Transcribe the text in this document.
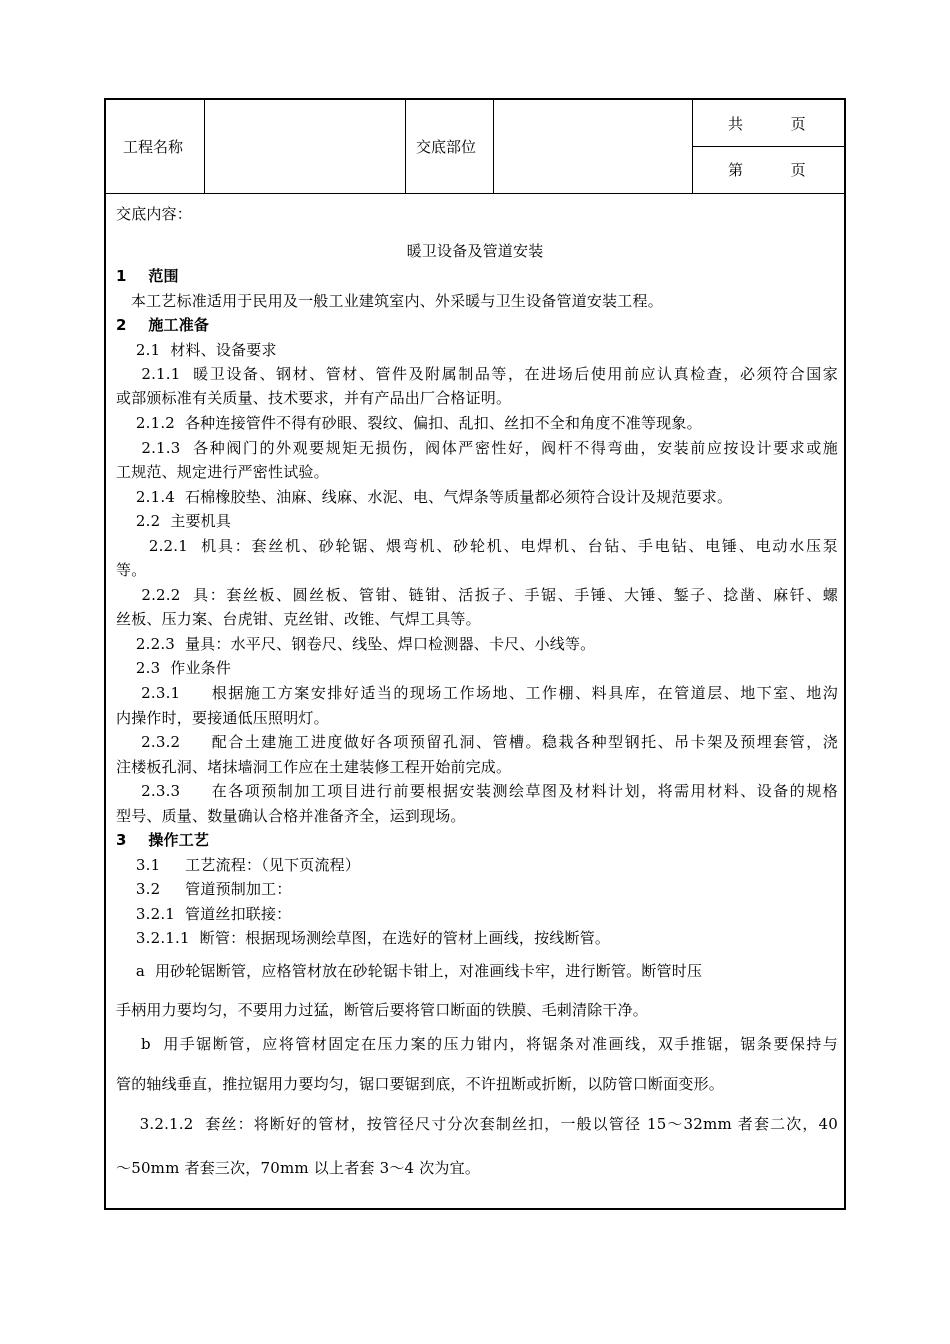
工程名称	交底部位
共          页
第          页
交底内容：
暖卫设备及管道安装
1    范围
本工艺标准适用于民用及一般工业建筑室内、外采暖与卫生设备管道安装工程。
2    施工准备
2.1  材料、设备要求
2.1.1  暖卫设备、钢材、管材、管件及附属制品等，在进场后使用前应认真检查，必须符合国家
或部颁标准有关质量、技术要求，并有产品出厂合格证明。
2.1.2  各种连接管件不得有砂眼、裂纹、偏扣、乱扣、丝扣不全和角度不准等现象。
2.1.3  各种阀门的外观要规矩无损伤，阀体严密性好，阀杆不得弯曲，安装前应按设计要求或施
工规范、规定进行严密性试验。
2.1.4  石棉橡胶垫、油麻、线麻、水泥、电、气焊条等质量都必须符合设计及规范要求。
2.2  主要机具
2.2.1  机具：套丝机、砂轮锯、煨弯机、砂轮机、电焊机、台钻、手电钻、电锤、电动水压泵
等。
2.2.2  具：套丝板、圆丝板、管钳、链钳、活扳子、手锯、手锤、大锤、錾子、捻凿、麻钎、螺
丝板、压力案、台虎钳、克丝钳、改锥、气焊工具等。
2.2.3  量具：水平尺、钢卷尺、线坠、焊口检测器、卡尺、小线等。
2.3  作业条件
2.3.1     根据施工方案安排好适当的现场工作场地、工作棚、料具库，在管道层、地下室、地沟
内操作时，要接通低压照明灯。
2.3.2     配合土建施工进度做好各项预留孔洞、管槽。稳栽各种型钢托、吊卡架及预埋套管，浇
注楼板孔洞、堵抹墙洞工作应在土建装修工程开始前完成。
2.3.3     在各项预制加工项目进行前要根据安装测绘草图及材料计划，将需用材料、设备的规格
型号、质量、数量确认合格并准备齐全，运到现场。
3    操作工艺
3.1     工艺流程：（见下页流程）
3.2     管道预制加工：
3.2.1  管道丝扣联接：
3.2.1.1  断管：根据现场测绘草图，在选好的管材上画线，按线断管。
a  用砂轮锯断管，应格管材放在砂轮锯卡钳上，对准画线卡牢，进行断管。断管时压
手柄用力要均匀，不要用力过猛，断管后要将管口断面的铁膜、毛刺清除干净。
b  用手锯断管，应将管材固定在压力案的压力钳内，将锯条对准画线，双手推锯，锯条要保持与
管的轴线垂直，推拉锯用力要均匀，锯口要锯到底，不许扭断或折断，以防管口断面变形。
3.2.1.2  套丝：将断好的管材，按管径尺寸分次套制丝扣，一般以管径 15～32mm 者套二次，40
～50mm 者套三次，70mm 以上者套 3～4 次为宜。
